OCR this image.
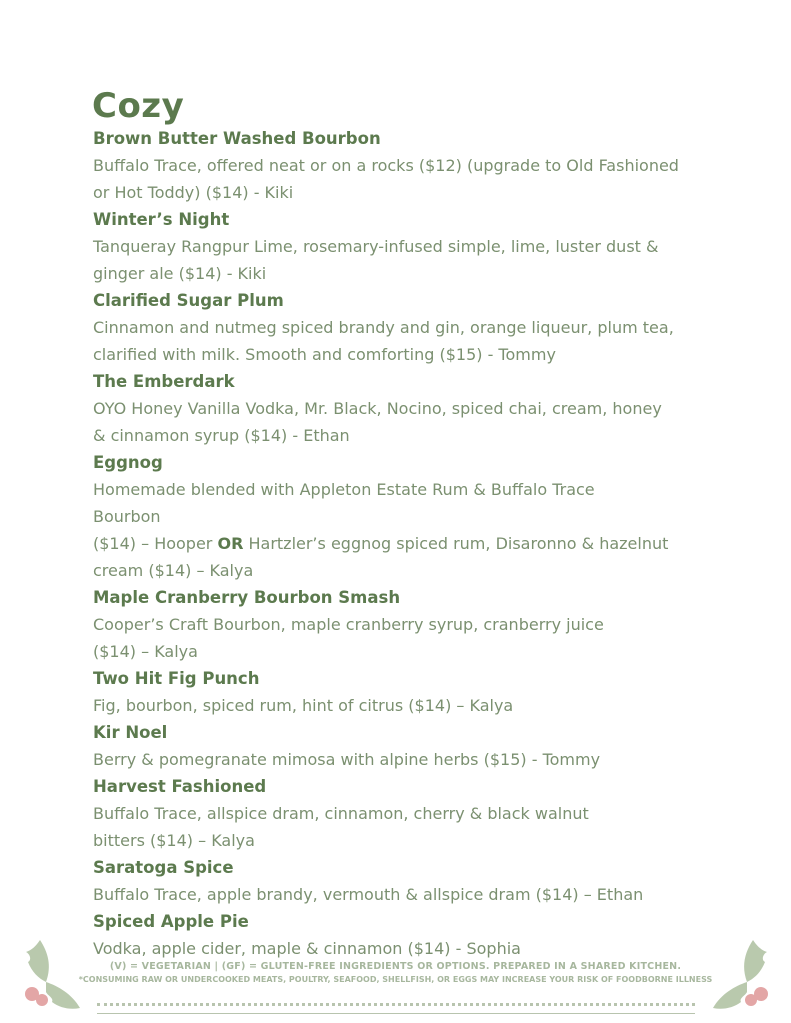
Cozy
Brown Butter Washed Bourbon
Buffalo Trace, offered neat or on a rocks ($12) (upgrade to Old Fashioned
or Hot Toddy) ($14) - Kiki
Winter’s Night
Tanqueray Rangpur Lime, rosemary-infused simple, lime, luster dust &
ginger ale ($14) - Kiki
Clarified Sugar Plum
Cinnamon and nutmeg spiced brandy and gin, orange liqueur, plum tea,
clarified with milk. Smooth and comforting ($15) - Tommy
The Emberdark
OYO Honey Vanilla Vodka, Mr. Black, Nocino, spiced chai, cream, honey
& cinnamon syrup ($14) - Ethan
Eggnog
Homemade blended with Appleton Estate Rum & Buffalo Trace
Bourbon
($14) – Hooper OR Hartzler’s eggnog spiced rum, Disaronno & hazelnut
cream ($14) – Kalya
Maple Cranberry Bourbon Smash
Cooper’s Craft Bourbon, maple cranberry syrup, cranberry juice
($14) – Kalya
Two Hit Fig Punch
Fig, bourbon, spiced rum, hint of citrus ($14) – Kalya
Kir Noel
Berry & pomegranate mimosa with alpine herbs ($15) - Tommy
Harvest Fashioned
Buffalo Trace, allspice dram, cinnamon, cherry & black walnut
bitters ($14) – Kalya
Saratoga Spice
Buffalo Trace, apple brandy, vermouth & allspice dram ($14) – Ethan
Spiced Apple Pie
Vodka, apple cider, maple & cinnamon ($14) - Sophia
(V) = VEGETARIAN | (GF) = GLUTEN-FREE INGREDIENTS OR OPTIONS. PREPARED IN A SHARED KITCHEN.
*CONSUMING RAW OR UNDERCOOKED MEATS, POULTRY, SEAFOOD, SHELLFISH, OR EGGS MAY INCREASE YOUR RISK OF FOODBORNE ILLNESS
